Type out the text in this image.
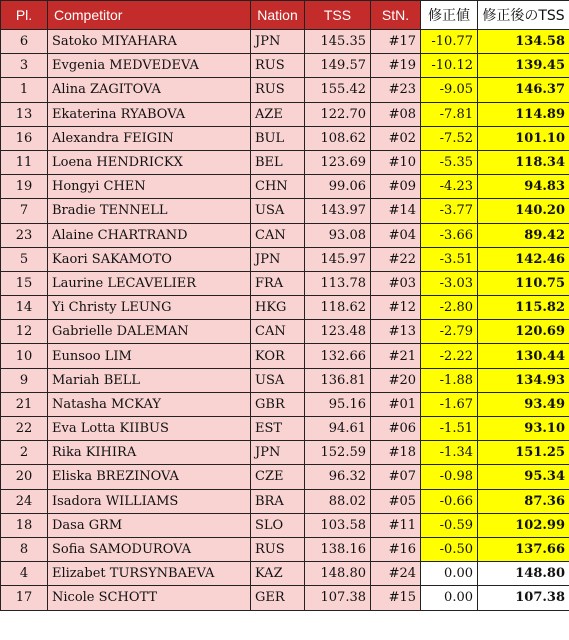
Pl.	Competitor	Nation	TSS	StN.	修正値	修正後のTSS
6	Satoko MIYAHARA	JPN	145.35	#17	-10.77	134.58
3	Evgenia MEDVEDEVA	RUS	149.57	#19	-10.12	139.45
1	Alina ZAGITOVA	RUS	155.42	#23	-9.05	146.37
13	Ekaterina RYABOVA	AZE	122.70	#08	-7.81	114.89
16	Alexandra FEIGIN	BUL	108.62	#02	-7.52	101.10
11	Loena HENDRICKX	BEL	123.69	#10	-5.35	118.34
19	Hongyi CHEN	CHN	99.06	#09	-4.23	94.83
7	Bradie TENNELL	USA	143.97	#14	-3.77	140.20
23	Alaine CHARTRAND	CAN	93.08	#04	-3.66	89.42
5	Kaori SAKAMOTO	JPN	145.97	#22	-3.51	142.46
15	Laurine LECAVELIER	FRA	113.78	#03	-3.03	110.75
14	Yi Christy LEUNG	HKG	118.62	#12	-2.80	115.82
12	Gabrielle DALEMAN	CAN	123.48	#13	-2.79	120.69
10	Eunsoo LIM	KOR	132.66	#21	-2.22	130.44
9	Mariah BELL	USA	136.81	#20	-1.88	134.93
21	Natasha MCKAY	GBR	95.16	#01	-1.67	93.49
22	Eva Lotta KIIBUS	EST	94.61	#06	-1.51	93.10
2	Rika KIHIRA	JPN	152.59	#18	-1.34	151.25
20	Eliska BREZINOVA	CZE	96.32	#07	-0.98	95.34
24	Isadora WILLIAMS	BRA	88.02	#05	-0.66	87.36
18	Dasa GRM	SLO	103.58	#11	-0.59	102.99
8	Sofia SAMODUROVA	RUS	138.16	#16	-0.50	137.66
4	Elizabet TURSYNBAEVA	KAZ	148.80	#24	0.00	148.80
17	Nicole SCHOTT	GER	107.38	#15	0.00	107.38
